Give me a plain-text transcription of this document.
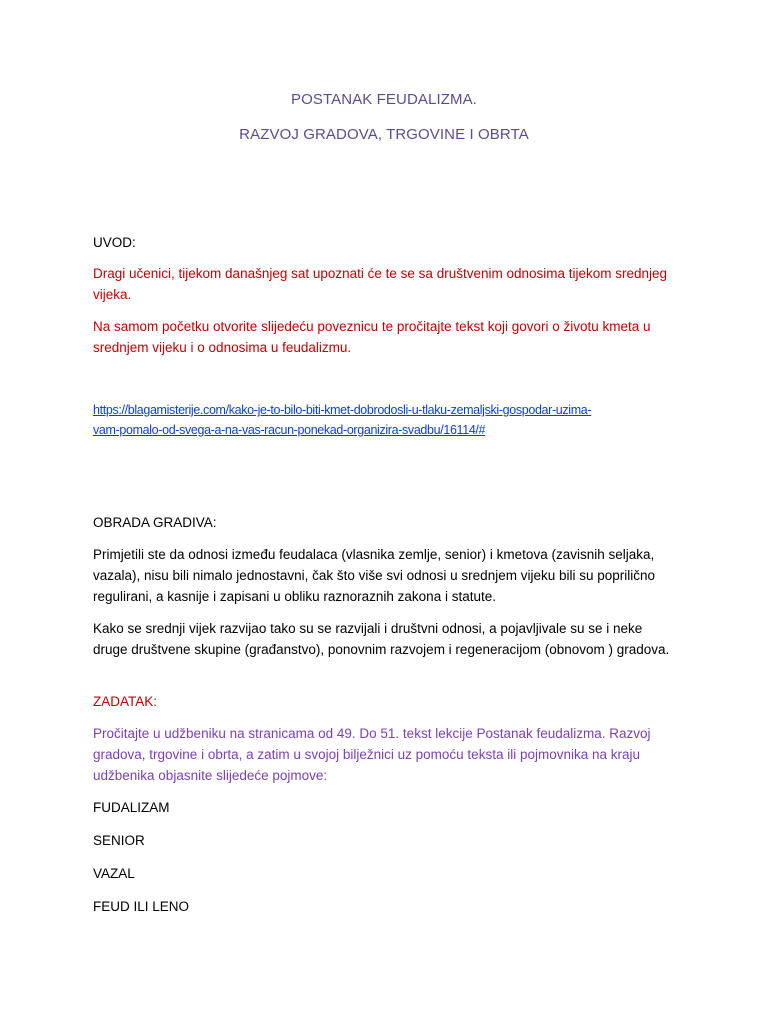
POSTANAK FEUDALIZMA.
RAZVOJ GRADOVA, TRGOVINE I OBRTA
UVOD:
Dragi učenici, tijekom današnjeg sat upoznati će te se sa društvenim odnosima tijekom srednjeg vijeka.
Na samom početku otvorite slijedeću poveznicu te pročitajte tekst koji govori o životu kmeta u srednjem vijeku i o odnosima u feudalizmu.
https://blagamisterije.com/kako-je-to-bilo-biti-kmet-dobrodosli-u-tlaku-zemaljski-gospodar-uzima-
vam-pomalo-od-svega-a-na-vas-racun-ponekad-organizira-svadbu/16114/#
OBRADA GRADIVA:
Primjetili ste da odnosi između feudalaca (vlasnika zemlje, senior) i kmetova (zavisnih seljaka, vazala), nisu bili nimalo jednostavni, čak što više svi odnosi u srednjem vijeku bili su poprilično regulirani, a kasnije i zapisani u obliku raznoraznih zakona i statute.
Kako se srednji vijek razvijao tako su se razvijali i društvni odnosi, a pojavljivale su se i neke druge društvene skupine (građanstvo), ponovnim razvojem i regeneracijom (obnovom ) gradova.
ZADATAK:
Pročitajte u udžbeniku na stranicama od 49. Do 51. tekst lekcije Postanak feudalizma. Razvoj gradova, trgovine i obrta, a zatim u svojoj bilježnici uz pomoću teksta ili pojmovnika na kraju udžbenika objasnite slijedeće pojmove:
FUDALIZAM
SENIOR
VAZAL
FEUD ILI LENO
